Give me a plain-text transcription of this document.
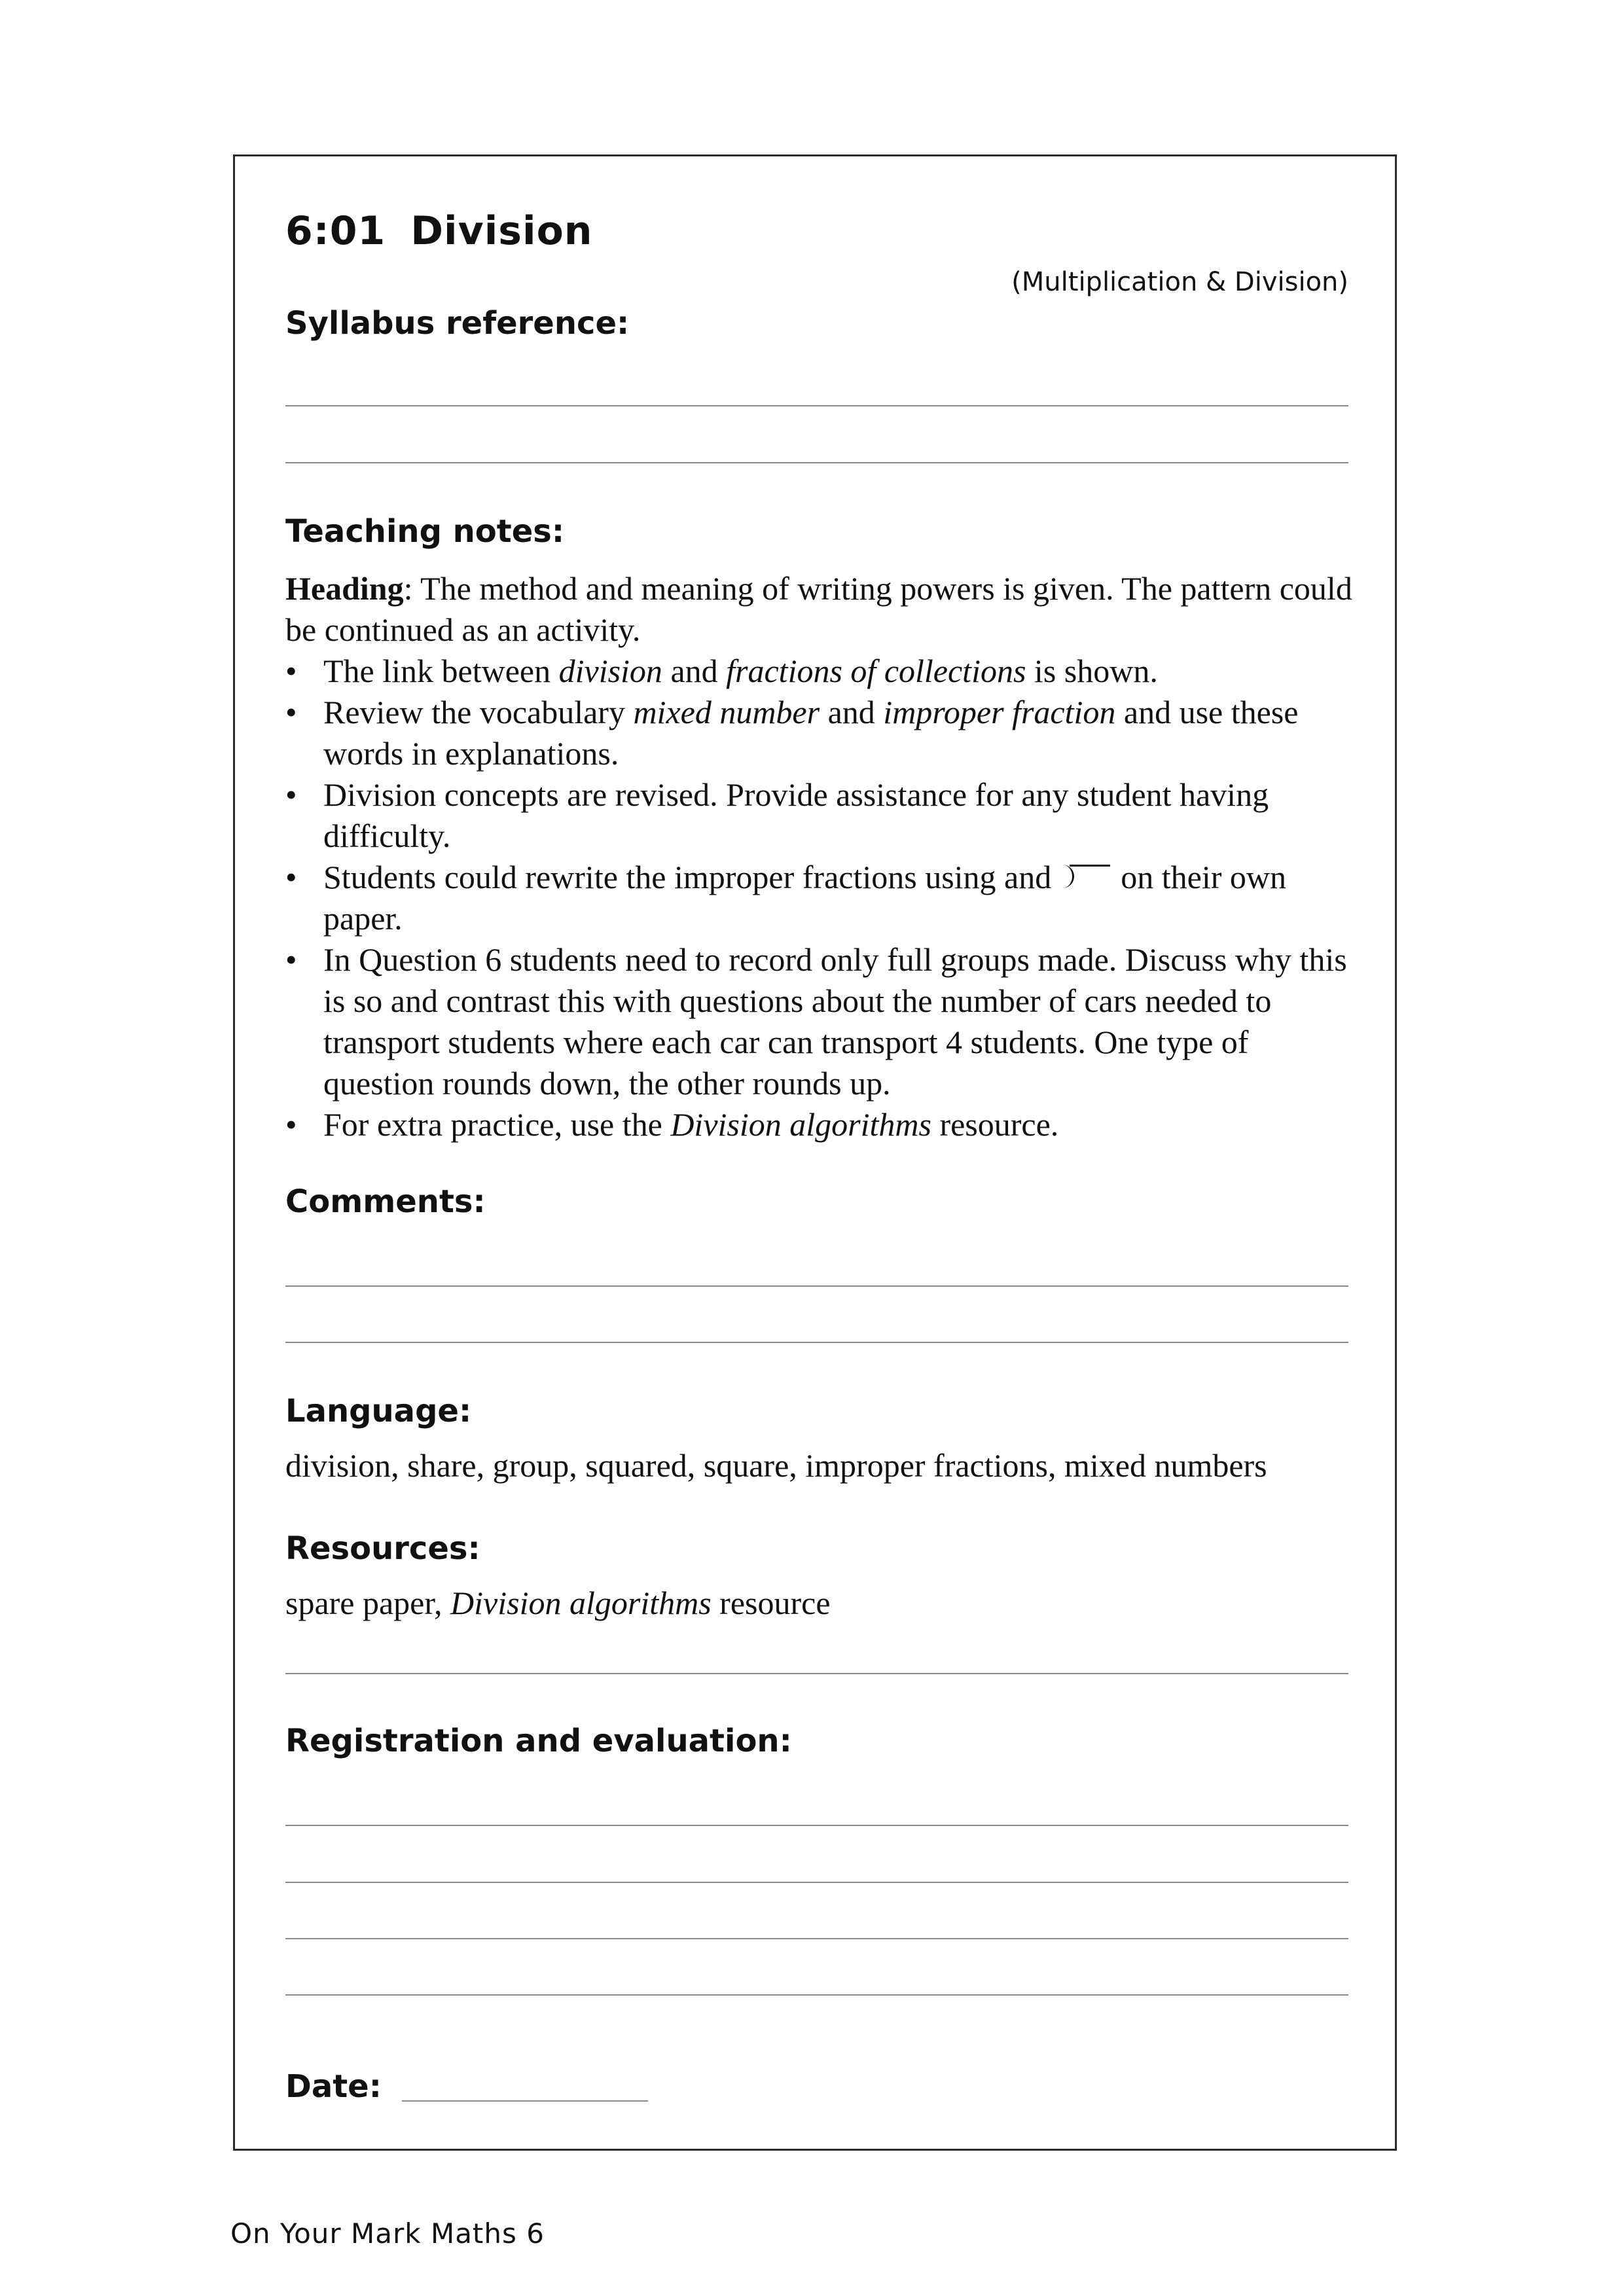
6:01 Division
(Multiplication & Division)
Syllabus reference:
Teaching notes:

Heading: The method and meaning of writing powers is given. The pattern could be continued as an activity.

• The link between division and fractions of collections is shown.
• Review the vocabulary mixed number and improper fraction and use these words in explanations.
• Division concepts are revised. Provide assistance for any student having difficulty.
• Students could rewrite the improper fractions using and on their own paper.
• In Question 6 students need to record only full groups made. Discuss why this is so and contrast this with questions about the number of cars needed to transport students where each car can transport 4 students. One type of question rounds down, the other rounds up.
• For extra practice, use the Division algorithms resource.
Comments:
Language:
division, share, group, squared, square, improper fractions, mixed numbers
Resources:
spare paper, Division algorithms resource
Registration and evaluation:
Date:
On Your Mark Maths 6
